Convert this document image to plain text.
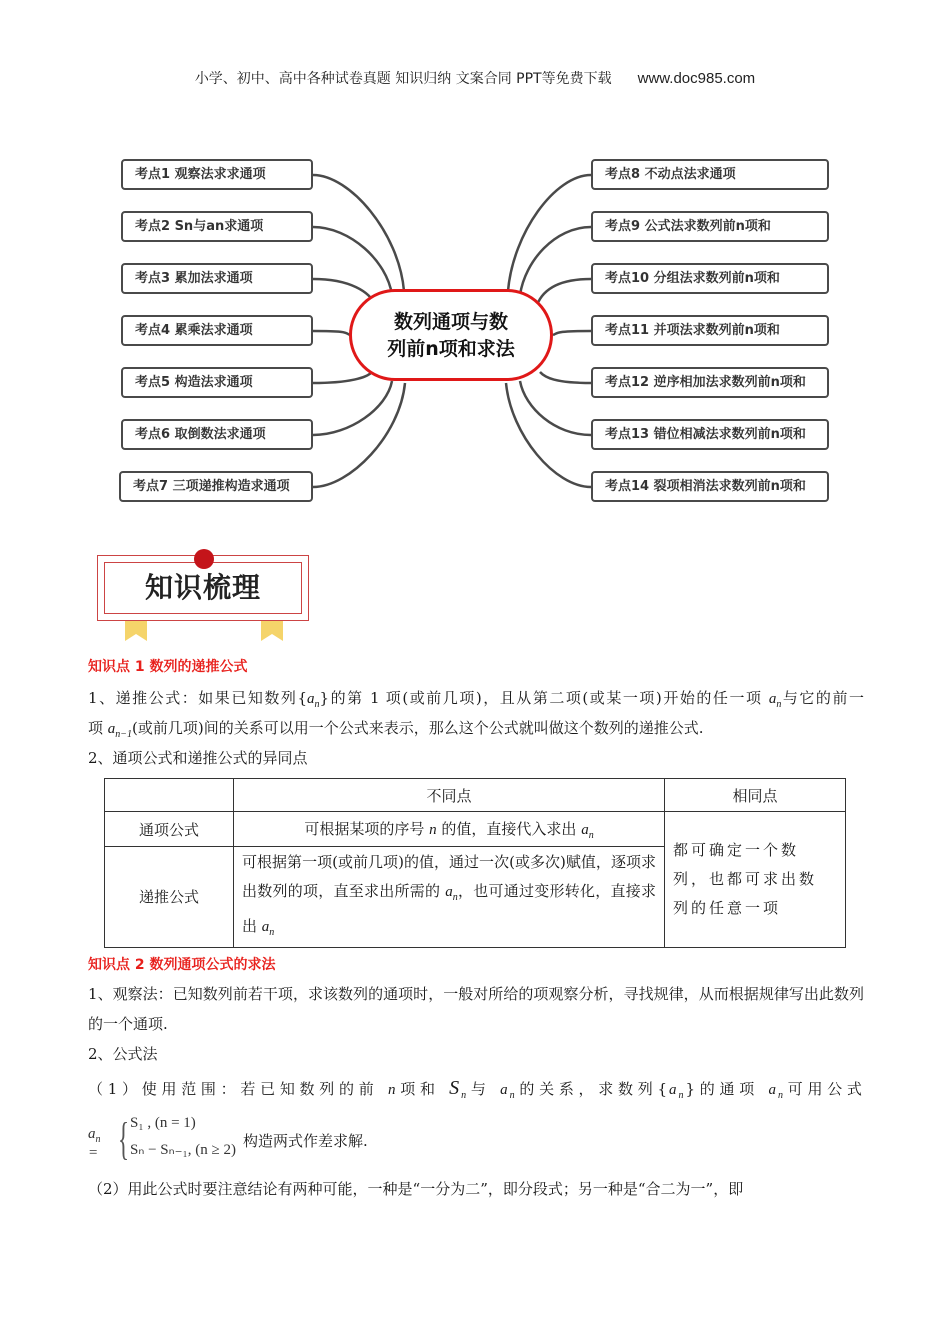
小学、初中、高中各种试卷真题 知识归纳 文案合同 PPT等免费下载 www.doc985.com
考点1 观察法求求通项
考点2 Sn与an求通项
考点3 累加法求通项
考点4 累乘法求通项
考点5 构造法求通项
考点6 取倒数法求通项
考点7 三项递推构造求通项
考点8 不动点法求通项
考点9 公式法求数列前n项和
考点10 分组法求数列前n项和
考点11 并项法求数列前n项和
考点12 逆序相加法求数列前n项和
考点13 错位相减法求数列前n项和
考点14 裂项相消法求数列前n项和
数列通项与数
列前n项和求法
知识梳理
知识点 1 数列的递推公式
1、递推公式：如果已知数列$\{a_n\}$的第 1 项(或前几项)，且从第二项(或某一项)开始的任一项 $a_n$与它的前一
项 $a_{n-1}$(或前几项)间的关系可以用一个公式来表示，那么这个公式就叫做这个数列的递推公式.
2、通项公式和递推公式的异同点
	不同点	相同点
通项公式	可根据某项的序号 n 的值，直接代入求出 $a_n$	都可确定一个数列，也都可求出数列的任意一项
递推公式	可根据第一项(或前几项)的值，通过一次(或多次)赋值，逐项求出数列的项，直至求出所需的 $a_n$，也可通过变形转化，直接求出 $a_n$
知识点 2 数列通项公式的求法
1、观察法：已知数列前若干项，求该数列的通项时，一般对所给的项观察分析，寻找规律，从而根据规律写出此数列的一个通项.
2、公式法
（1）使用范围：若已知数列的前 n项和 $S_n$与 $a_n$的关系，求数列$\{a_n\}$的通项 $a_n$可用公式
$a_n$ = { S₁ , (n = 1)
Sₙ − Sₙ₋₁, (n ≥ 2) 构造两式作差求解.
（2）用此公式时要注意结论有两种可能，一种是“一分为二”，即分段式；另一种是“合二为一”，即
